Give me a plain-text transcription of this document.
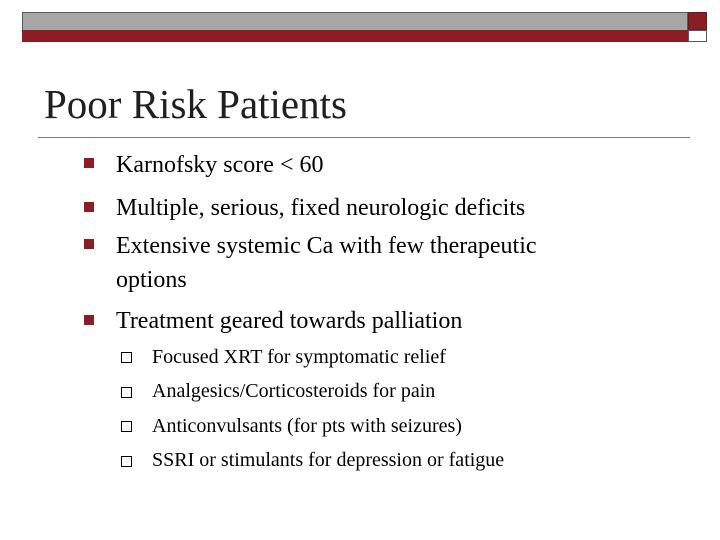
Poor Risk Patients
Karnofsky score < 60
Multiple, serious, fixed neurologic deficits
Extensive systemic Ca with few therapeutic
options
Treatment geared towards palliation
Focused XRT for symptomatic relief
Analgesics/Corticosteroids for pain
Anticonvulsants (for pts with seizures)
SSRI or stimulants for depression or fatigue
